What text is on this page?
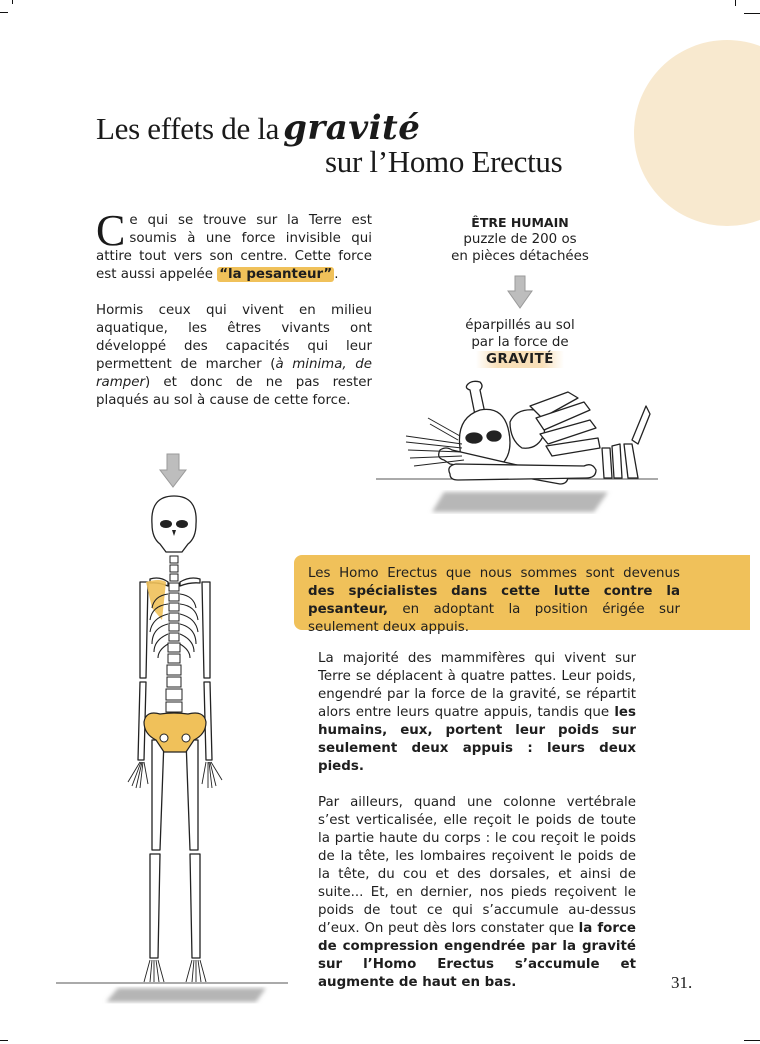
Les effets de la gravité
sur l’Homo Erectus

Ce qui se trouve sur la Terre est soumis à une force invisible qui attire tout vers son centre. Cette force est aussi appelée “la pesanteur” .

Hormis ceux qui vivent en milieu aquatique, les êtres vivants ont développé des capacités qui leur permettent de marcher (à minima, de ramper) et donc de ne pas rester plaqués au sol à cause de cette force.

ÊTRE HUMAIN
puzzle de 200 os
en pièces détachées
éparpillés au sol
par la force de
GRAVITÉ

Les Homo Erectus que nous sommes sont devenus des spécialistes dans cette lutte contre la pesanteur, en adoptant la position érigée sur seulement deux appuis.

La majorité des mammifères qui vivent sur Terre se déplacent à quatre pattes. Leur poids, engendré par la force de la gravité, se répartit alors entre leurs quatre appuis, tandis que les humains, eux, portent leur poids sur seulement deux appuis : leurs deux pieds.

Par ailleurs, quand une colonne vertébrale s’est verticalisée, elle reçoit le poids de toute la partie haute du corps : le cou reçoit le poids de la tête, les lombaires reçoivent le poids de la tête, du cou et des dorsales, et ainsi de suite... Et, en dernier, nos pieds reçoivent le poids de tout ce qui s’accumule au-dessus d’eux. On peut dès lors constater que la force de compression engendrée par la gravité sur l’Homo Erectus s’accumule et augmente de haut en bas.	31.
